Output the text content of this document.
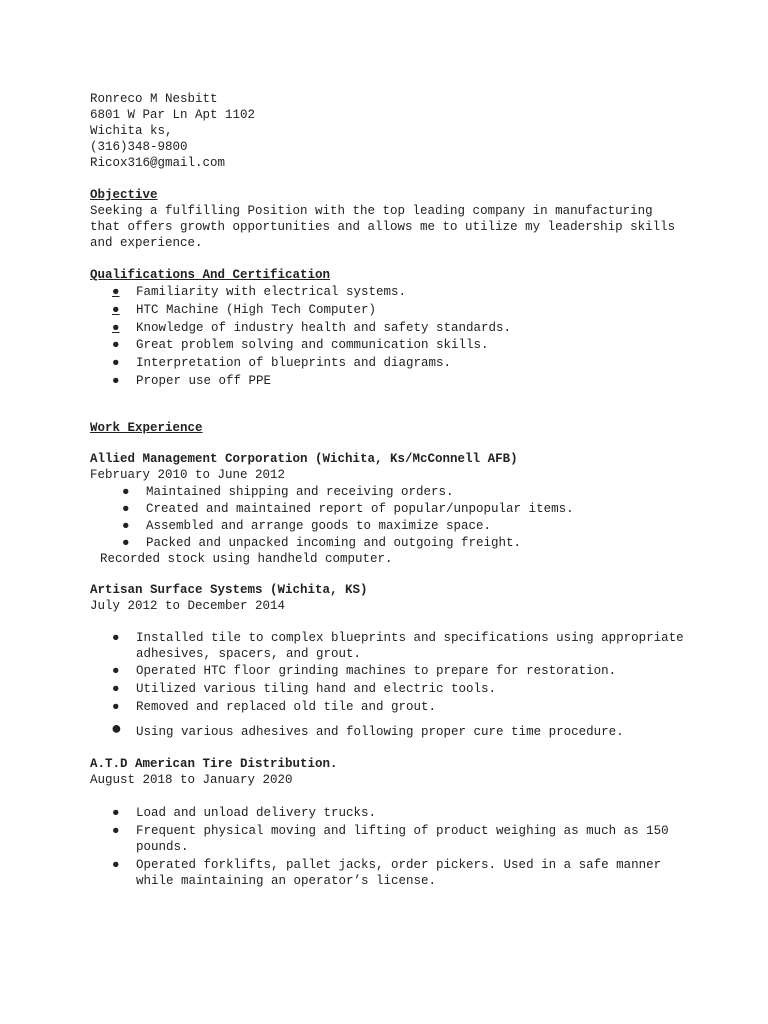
Ronreco M Nesbitt

6801 W Par Ln Apt 1102

Wichita ks,

(316)348-9800

Ricox316@gmail.com

Objective

Seeking a fulfilling Position with the top leading company in manufacturing

that offers growth opportunities and allows me to utilize my leadership skills

and experience.

Qualifications And Certification

● Familiarity with electrical systems.
● HTC Machine (High Tech Computer)
● Knowledge of industry health and safety standards.
● Great problem solving and communication skills.
● Interpretation of blueprints and diagrams.
● Proper use off PPE

Work Experience

Allied Management Corporation (Wichita, Ks/McConnell AFB)

February 2010 to June 2012

● Maintained shipping and receiving orders.
● Created and maintained report of popular/unpopular items.
● Assembled and arrange goods to maximize space.
● Packed and unpacked incoming and outgoing freight.

Recorded stock using handheld computer.

Artisan Surface Systems (Wichita, KS)

July 2012 to December 2014

● Installed tile to complex blueprints and specifications using appropriate
adhesives, spacers, and grout.
● Operated HTC floor grinding machines to prepare for restoration.
● Utilized various tiling hand and electric tools.
● Removed and replaced old tile and grout.
● Using various adhesives and following proper cure time procedure.

A.T.D American Tire Distribution.

August 2018 to January 2020

● Load and unload delivery trucks.
● Frequent physical moving and lifting of product weighing as much as 150
pounds.
● Operated forklifts, pallet jacks, order pickers. Used in a safe manner
while maintaining an operator’s license.
